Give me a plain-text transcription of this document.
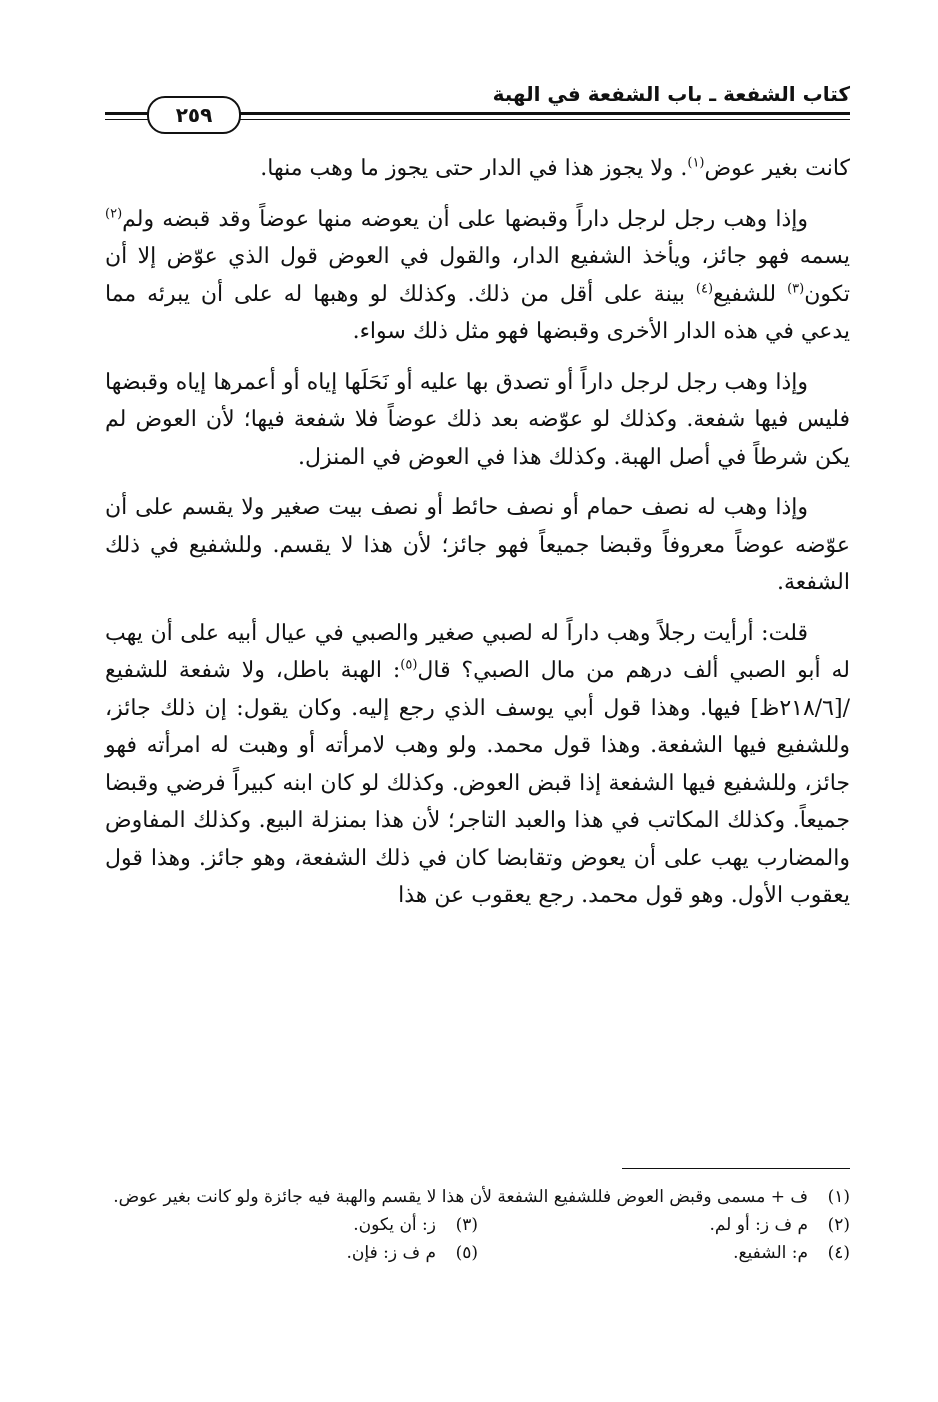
كتاب الشفعة ـ باب الشفعة في الهبة
٢٥٩

كانت بغير عوض$^{(١)}$. ولا يجوز هذا في الدار حتى يجوز ما وهب منها.

وإذا وهب رجل لرجل داراً وقبضها على أن يعوضه منها عوضاً وقد قبضه ولم$^{(٢)}$ يسمه فهو جائز، ويأخذ الشفيع الدار، والقول في العوض قول الذي عوّض إلا أن تكون$^{(٣)}$ للشفيع$^{(٤)}$ بينة على أقل من ذلك. وكذلك لو وهبها له على أن يبرئه مما يدعي في هذه الدار الأخرى وقبضها فهو مثل ذلك سواء.

وإذا وهب رجل لرجل داراً أو تصدق بها عليه أو نَحَلَها إياه أو أعمرها إياه وقبضها فليس فيها شفعة. وكذلك لو عوّضه بعد ذلك عوضاً فلا شفعة فيها؛ لأن العوض لم يكن شرطاً في أصل الهبة. وكذلك هذا في العوض في المنزل.

وإذا وهب له نصف حمام أو نصف حائط أو نصف بيت صغير ولا يقسم على أن عوّضه عوضاً معروفاً وقبضا جميعاً فهو جائز؛ لأن هذا لا يقسم. وللشفيع في ذلك الشفعة.

قلت: أرأيت رجلاً وهب داراً له لصبي صغير والصبي في عيال أبيه على أن يهب له أبو الصبي ألف درهم من مال الصبي؟ قال$^{(٥)}$: الهبة باطل، ولا شفعة للشفيع /[٢١٨/٦ظ] فيها. وهذا قول أبي يوسف الذي رجع إليه. وكان يقول: إن ذلك جائز، وللشفيع فيها الشفعة. وهذا قول محمد. ولو وهب لامرأته أو وهبت له امرأته فهو جائز، وللشفيع فيها الشفعة إذا قبض العوض. وكذلك لو كان ابنه كبيراً فرضي وقبضا جميعاً. وكذلك المكاتب في هذا والعبد التاجر؛ لأن هذا بمنزلة البيع. وكذلك المفاوض والمضارب يهب على أن يعوض وتقابضا كان في ذلك الشفعة، وهو جائز. وهذا قول يعقوب الأول. وهو قول محمد. رجع يعقوب عن هذا

(١)
ف + مسمى وقبض العوض فللشفيع الشفعة لأن هذا لا يقسم والهبة فيه جائزة ولو كانت بغير عوض.
(٢)
م ف ز: أو لم.
(٣)
ز: أن يكون.
(٤)
م: الشفيع.
(٥)
م ف ز: فإن.
